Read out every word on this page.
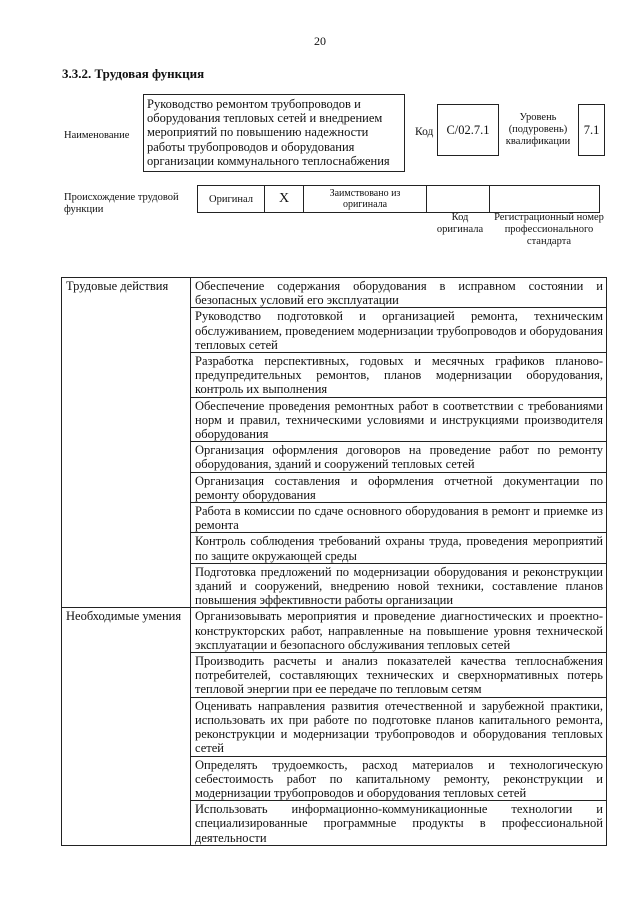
20
3.3.2. Трудовая функция
Наименование
Руководство ремонтом трубопроводов и оборудования тепловых сетей и внедрением мероприятий по повышению надежности работы трубопроводов и оборудования организации коммунального теплоснабжения
Код	C/02.7.1
Уровень (подуровень) квалификации
7.1
Происхождение трудовой функции
Оригинал	X	Заимствовано из оригинала		
Код оригинала
Регистрационный номер профессионального стандарта
Трудовые действия	Обеспечение содержания оборудования в исправном состоянии и безопасных условий его эксплуатации
	Руководство подготовкой и организацией ремонта, техническим обслуживанием, проведением модернизации трубопроводов и оборудования тепловых сетей
	Разработка перспективных, годовых и месячных графиков планово-предупредительных ремонтов, планов модернизации оборудования, контроль их выполнения
	Обеспечение проведения ремонтных работ в соответствии с требованиями норм и правил, техническими условиями и инструкциями производителя оборудования
	Организация оформления договоров на проведение работ по ремонту оборудования, зданий и сооружений тепловых сетей
	Организация составления и оформления отчетной документации по ремонту оборудования
	Работа в комиссии по сдаче основного оборудования в ремонт и приемке из ремонта
	Контроль соблюдения требований охраны труда, проведения мероприятий по защите окружающей среды
	Подготовка предложений по модернизации оборудования и реконструкции зданий и сооружений, внедрению новой техники, составление планов повышения эффективности работы организации
Необходимые умения	Организовывать мероприятия и проведение диагностических и проектно-конструкторских работ, направленные на повышение уровня технической эксплуатации и безопасного обслуживания тепловых сетей
	Производить расчеты и анализ показателей качества теплоснабжения потребителей, составляющих технических и сверхнормативных потерь тепловой энергии при ее передаче по тепловым сетям
	Оценивать направления развития отечественной и зарубежной практики, использовать их при работе по подготовке планов капитального ремонта, реконструкции и модернизации трубопроводов и оборудования тепловых сетей
	Определять трудоемкость, расход материалов и технологическую себестоимость работ по капитальному ремонту, реконструкции и модернизации трубопроводов и оборудования тепловых сетей
	Использовать информационно-коммуникационные технологии и специализированные программные продукты в профессиональной деятельности
